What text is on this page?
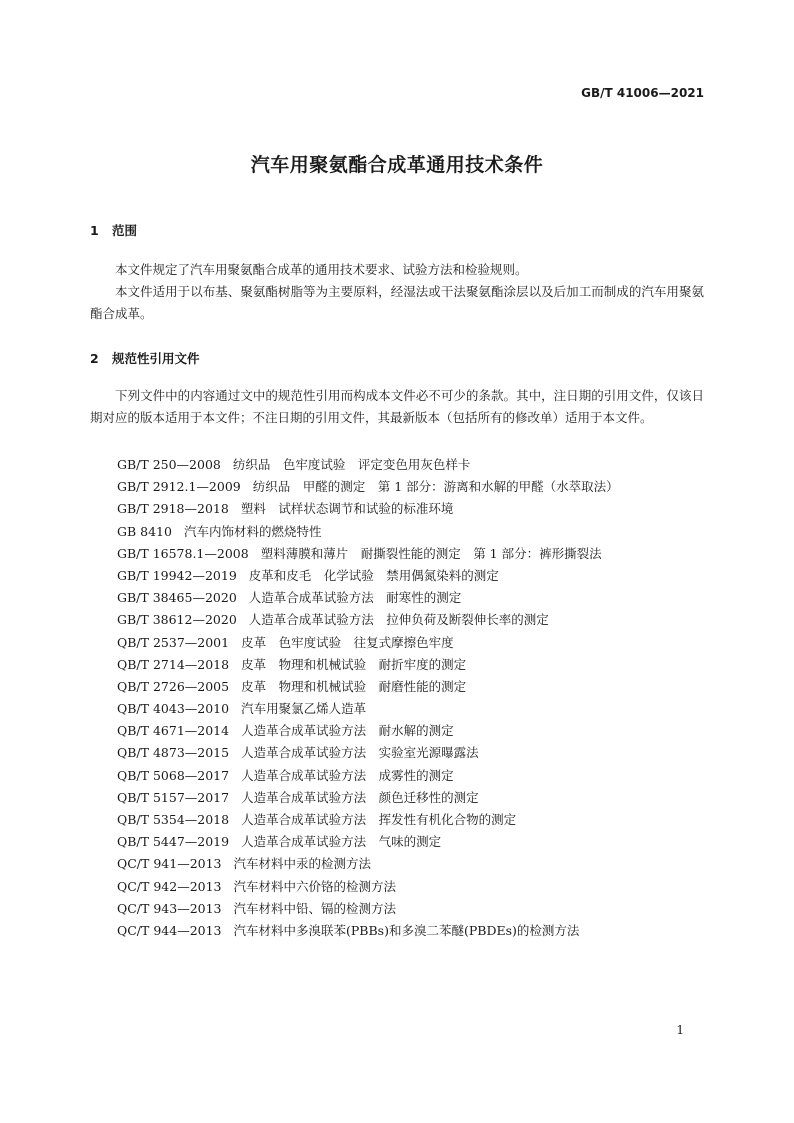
GB/T 41006—2021
汽车用聚氨酯合成革通用技术条件
1 范围
本文件规定了汽车用聚氨酯合成革的通用技术要求、试验方法和检验规则。
本文件适用于以布基、聚氨酯树脂等为主要原料，经湿法或干法聚氨酯涂层以及后加工而制成的汽车用聚氨酯合成革。
2 规范性引用文件
下列文件中的内容通过文中的规范性引用而构成本文件必不可少的条款。其中，注日期的引用文件，仅该日期对应的版本适用于本文件；不注日期的引用文件，其最新版本（包括所有的修改单）适用于本文件。
GB/T 250—2008 纺织品　色牢度试验　评定变色用灰色样卡
GB/T 2912.1—2009 纺织品　甲醛的测定　第 1 部分：游离和水解的甲醛（水萃取法）
GB/T 2918—2018 塑料　试样状态调节和试验的标准环境
GB 8410 汽车内饰材料的燃烧特性
GB/T 16578.1—2008 塑料薄膜和薄片　耐撕裂性能的测定　第 1 部分：裤形撕裂法
GB/T 19942—2019 皮革和皮毛　化学试验　禁用偶氮染料的测定
GB/T 38465—2020 人造革合成革试验方法　耐寒性的测定
GB/T 38612—2020 人造革合成革试验方法　拉伸负荷及断裂伸长率的测定
QB/T 2537—2001 皮革　色牢度试验　往复式摩擦色牢度
QB/T 2714—2018 皮革　物理和机械试验　耐折牢度的测定
QB/T 2726—2005 皮革　物理和机械试验　耐磨性能的测定
QB/T 4043—2010 汽车用聚氯乙烯人造革
QB/T 4671—2014 人造革合成革试验方法　耐水解的测定
QB/T 4873—2015 人造革合成革试验方法　实验室光源曝露法
QB/T 5068—2017 人造革合成革试验方法　成雾性的测定
QB/T 5157—2017 人造革合成革试验方法　颜色迁移性的测定
QB/T 5354—2018 人造革合成革试验方法　挥发性有机化合物的测定
QB/T 5447—2019 人造革合成革试验方法　气味的测定
QC/T 941—2013 汽车材料中汞的检测方法
QC/T 942—2013 汽车材料中六价铬的检测方法
QC/T 943—2013 汽车材料中铅、镉的检测方法
QC/T 944—2013 汽车材料中多溴联苯(PBBs)和多溴二苯醚(PBDEs)的检测方法
1
